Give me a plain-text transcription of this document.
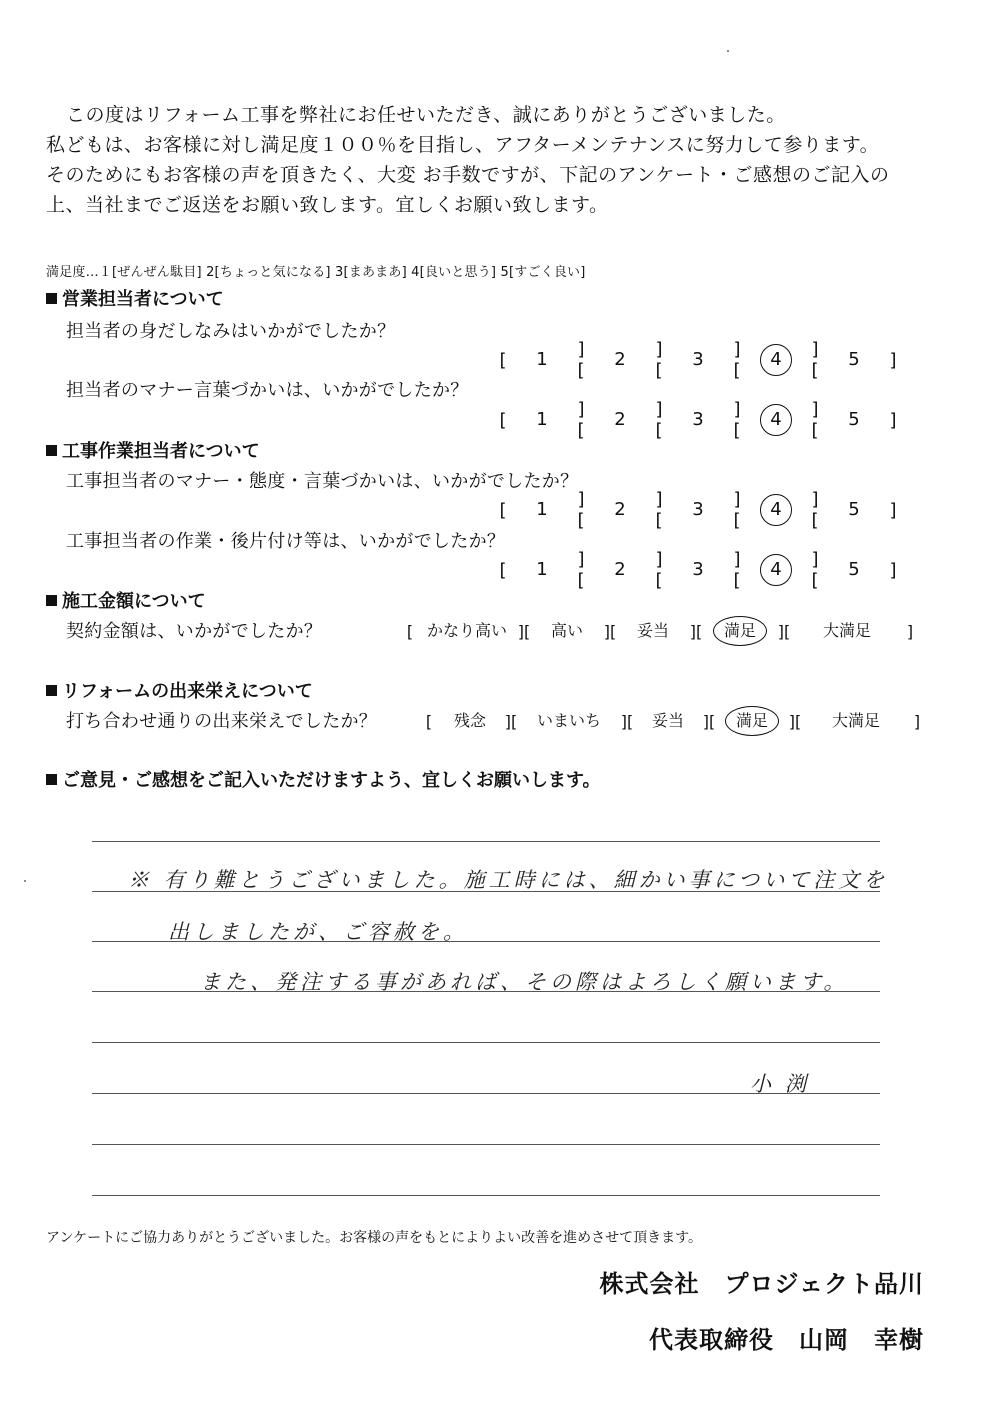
この度はリフォーム工事を弊社にお任せいただき、誠にありがとうございました。

私どもは、お客様に対し満足度１００％を目指し、アフターメンテナンスに努力して参ります。

そのためにもお客様の声を頂きたく、大変 お手数ですが、下記のアンケート・ご感想のご記入の

上、当社までご返送をお願い致します。宜しくお願い致します。

満足度…１[ぜんぜん駄目] 2[ちょっと気になる] 3[まあまあ] 4[良いと思う] 5[すごく良い]
営業担当者について
担当者の身だしなみはいかがでしたか？
[	1	][
2	][
3	][
4	][
5	]
担当者のマナー言葉づかいは、いかがでしたか？
[	1	][
2	][
3	][
4	][
5	]
工事作業担当者について
工事担当者のマナー・態度・言葉づかいは、いかがでしたか？
[	1	][
2	][
3	][
4	][
5	]
工事担当者の作業・後片付け等は、いかがでしたか？
[	1	][
2	][
3	][
4	][
5	]
施工金額について
契約金額は、いかがでしたか？	[ かなり高い ][	高い	][	妥当	][	満足	][	大満足	]
リフォームの出来栄えについて
打ち合わせ通りの出来栄えでしたか？	[	残念	][	いまいち	][	妥当	][	満足	][	大満足	]
ご意見・ご感想をご記入いただけますよう、宜しくお願いします。
※ 有り難とうございました。施工時には、細かい事について注文を
出しましたが、ご容赦を。
また、発注する事があれば、その際はよろしく願います。
小渕
アンケートにご協力ありがとうございました。お客様の声をもとによりよい改善を進めさせて頂きます。
株式会社　プロジェクト品川
代表取締役　山岡　幸樹
